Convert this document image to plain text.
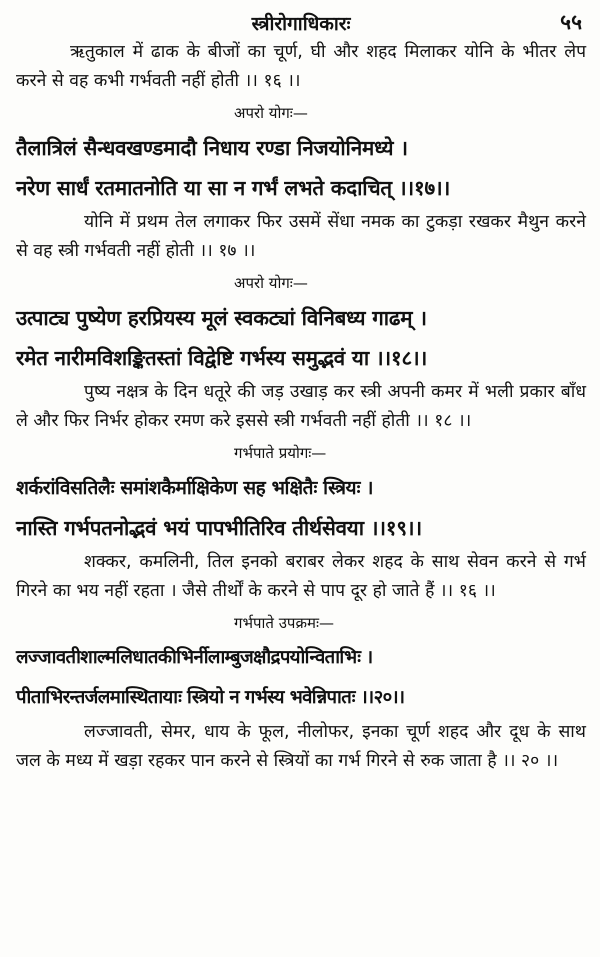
स्त्रीरोगाधिकारः	५५

ऋतुकाल में ढाक के बीजों का चूर्ण, घी और शहद मिलाकर योनि के भीतर लेप करने से वह कभी गर्भवती नहीं होती ।। १६ ।।

अपरो योगः—
तैलात्रिलं सैन्धवखण्डमादौ निधाय रण्डा निजयोनिमध्ये ।
नरेण सार्धं रतमातनोति या सा न गर्भं लभते कदाचित् ।।१७।।

योनि में प्रथम तेल लगाकर फिर उसमें सेंधा नमक का टुकड़ा रखकर मैथुन करने से वह स्त्री गर्भवती नहीं होती ।। १७ ।।

अपरो योगः—
उत्पाट्य पुष्येण हरप्रियस्य मूलं स्वकट्यां विनिबध्य गाढम् ।
रमेत नारीमविशङ्कितस्तां विद्वेष्टि गर्भस्य समुद्भवं या ।।१८।।

पुष्य नक्षत्र के दिन धतूरे की जड़ उखाड़ कर स्त्री अपनी कमर में भली प्रकार बाँध ले और फिर निर्भर होकर रमण करे इससे स्त्री गर्भवती नहीं होती ।। १८ ।।

गर्भपाते प्रयोगः—
शर्करांविसतिलैः समांशकैर्माक्षिकेण सह भक्षितैः स्त्रियः ।
नास्ति गर्भपतनोद्भवं भयं पापभीतिरिव तीर्थसेवया ।।१९।।

शक्कर, कमलिनी, तिल इनको बराबर लेकर शहद के साथ सेवन करने से गर्भ गिरने का भय नहीं रहता । जैसे तीर्थों के करने से पाप दूर हो जाते हैं ।। १६ ।।

गर्भपाते उपक्रमः—
लज्जावतीशाल्मलिधातकीभिर्नीलाम्बुजक्षौद्रपयोन्विताभिः ।
पीताभिरन्तर्जलमास्थितायाः स्त्रियो न गर्भस्य भवेन्निपातः ।।२०।।

लज्जावती, सेमर, धाय के फूल, नीलोफर, इनका चूर्ण शहद और दूध के साथ जल के मध्य में खड़ा रहकर पान करने से स्त्रियों का गर्भ गिरने से रुक जाता है ।। २० ।।
